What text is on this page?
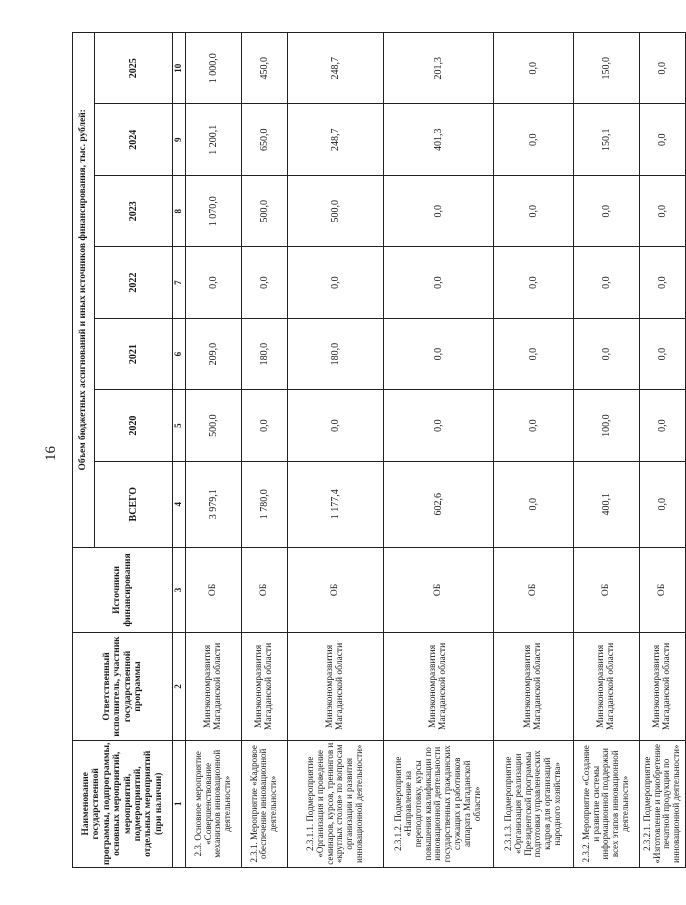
16
Наименование государственной программы, подпрограммы, основных мероприятий, мероприятий, подмероприятий, отдельных мероприятий (при наличии)	Ответственный исполнитель, участник государственной программы	Источники финансирования	Объем бюджетных ассигнований и иных источников финансирования, тыс. рублей:						
			ВСЕГО	2020	2021	2022	2023	2024	2025
1	2	3	4	5	6	7	8	9	10
2.3. Основное мероприятие «Совершенствование механизмов инновационной деятельности»	Минэкономразвития Магаданской области	ОБ	3 979,1	500,0	209,0	0,0	1 070,0	1 200,1	1 000,0
2.3.1. Мероприятие «Кадровое обеспечение инновационной деятельности»	Минэкономразвития Магаданской области	ОБ	1 780,0	0,0	180,0	0,0	500,0	650,0	450,0
2.3.1.1. Подмероприятие «Организация и проведение семинаров, курсов, тренингов и «круглых столов» по вопросам организации и развития инновационной деятельности»	Минэкономразвития Магаданской области	ОБ	1 177,4	0,0	180,0	0,0	500,0	248,7	248,7
2.3.1.2. Подмероприятие «Направление на переподготовку, курсы повышения квалификации по инновационной деятельности государственных гражданских служащих и работников аппарата Магаданской области»	Минэкономразвития Магаданской области	ОБ	602,6	0,0	0,0	0,0	0,0	401,3	201,3
2.3.1.3. Подмероприятие «Организация реализации Президентской программы подготовки управленческих кадров для организаций народного хозяйства»	Минэкономразвития Магаданской области	ОБ	0,0	0,0	0,0	0,0	0,0	0,0	0,0
2.3.2. Мероприятие «Создание и развитие системы информационной поддержки всех этапов инновационной деятельности»	Минэкономразвития Магаданской области	ОБ	400,1	100,0	0,0	0,0	0,0	150,1	150,0
2.3.2.1. Подмероприятие «Изготовление и приобретение печатной продукции по инновационной деятельности»	Минэкономразвития Магаданской области	ОБ	0,0	0,0	0,0	0,0	0,0	0,0	0,0
